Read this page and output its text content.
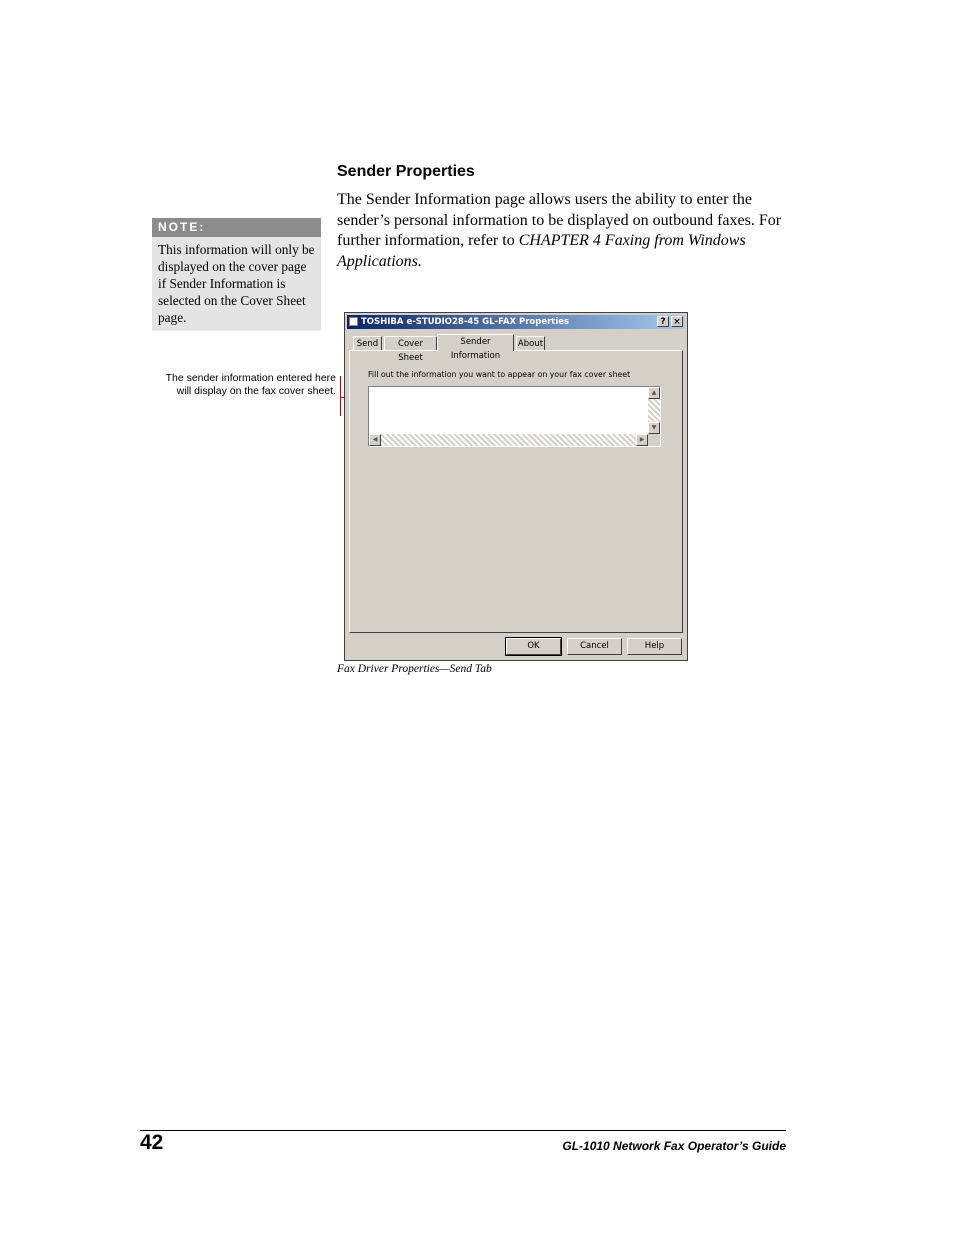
Sender Properties
The Sender Information page allows users the ability to enter the sender’s personal information to be displayed on outbound faxes. For further information, refer to CHAPTER 4 Faxing from Windows Applications.
NOTE:
This information will only be displayed on the cover page if Sender Information is selected on the Cover Sheet page.
The sender information entered here will display on the fax cover sheet.
TOSHIBA e-STUDIO28-45 GL-FAX Properties	? ×
Send	Cover Sheet
Sender Information
About
Fill out the information you want to appear on your fax cover sheet
▲
▼
◀	▶
OK	Cancel	Help
Fax Driver Properties—Send Tab
42	GL-1010 Network Fax Operator’s Guide
